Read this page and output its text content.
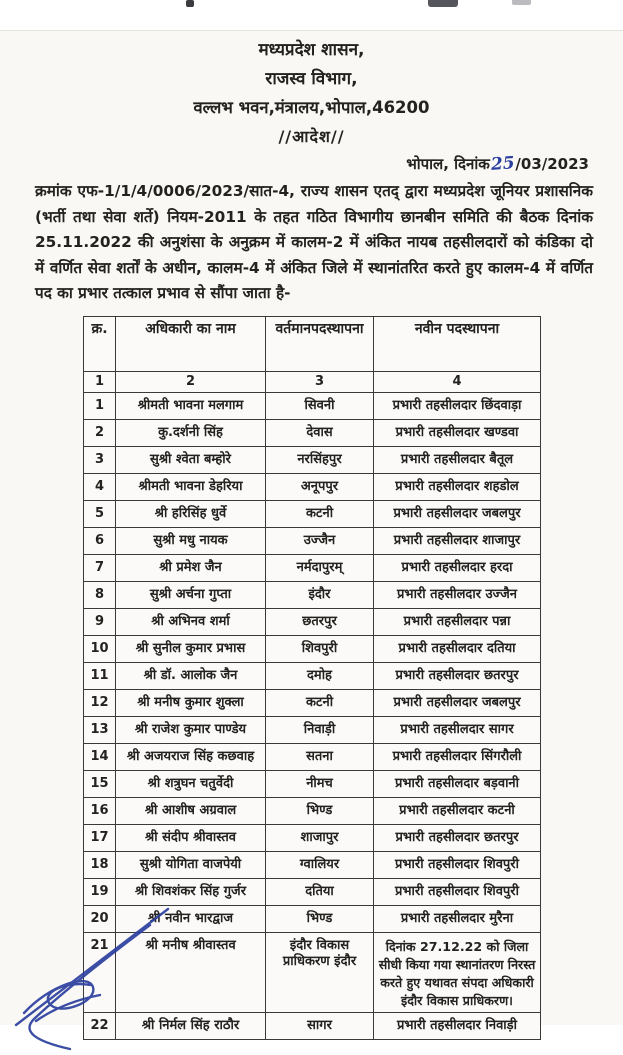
मध्यप्रदेश शासन,
राजस्व विभाग,
वल्लभ भवन,मंत्रालय,भोपाल,46200
//आदेश//
भोपाल, दिनांक25/03/2023

क्रमांक एफ-1/1/4/0006/2023/सात-4, राज्य शासन एतद् द्वारा मध्यप्रदेश जूनियर प्रशासनिक (भर्ती तथा सेवा शर्ते) नियम-2011 के तहत गठित विभागीय छानबीन समिति की बैठक दिनांक 25.11.2022 की अनुशंसा के अनुक्रम में कालम-2 में अंकित नायब तहसीलदारों को कंडिका दो में वर्णित सेवा शर्तों के अधीन, कालम-4 में अंकित जिले में स्थानांतरित करते हुए कालम-4 में वर्णित पद का प्रभार तत्काल प्रभाव से सौंपा जाता है-

क्र.	अधिकारी का नाम	वर्तमानपदस्थापना	नवीन पदस्थापना
1	2	3	4
1	श्रीमती भावना मलगाम	सिवनी	प्रभारी तहसीलदार छिंदवाड़ा
2	कु.दर्शनी सिंह	देवास	प्रभारी तहसीलदार खण्डवा
3	सुश्री श्वेता बम्होरे	नरसिंहपुर	प्रभारी तहसीलदार बैतूल
4	श्रीमती भावना डेहरिया	अनूपपुर	प्रभारी तहसीलदार शहडोल
5	श्री हरिसिंह धुर्वे	कटनी	प्रभारी तहसीलदार जबलपुर
6	सुश्री मधु नायक	उज्जैन	प्रभारी तहसीलदार शाजापुर
7	श्री प्रमेश जैन	नर्मदापुरम्	प्रभारी तहसीलदार हरदा
8	सुश्री अर्चना गुप्ता	इंदौर	प्रभारी तहसीलदार उज्जैन
9	श्री अभिनव शर्मा	छतरपुर	प्रभारी तहसीलदार पन्ना
10	श्री सुनील कुमार प्रभास	शिवपुरी	प्रभारी तहसीलदार दतिया
11	श्री डॉ. आलोक जैन	दमोह	प्रभारी तहसीलदार छतरपुर
12	श्री मनीष कुमार शुक्ला	कटनी	प्रभारी तहसीलदार जबलपुर
13	श्री राजेश कुमार पाण्डेय	निवाड़ी	प्रभारी तहसीलदार सागर
14	श्री अजयराज सिंह कछवाह	सतना	प्रभारी तहसीलदार सिंगरौली
15	श्री शत्रुघन चतुर्वेदी	नीमच	प्रभारी तहसीलदार बड़वानी
16	श्री आशीष अग्रवाल	भिण्ड	प्रभारी तहसीलदार कटनी
17	श्री संदीप श्रीवास्तव	शाजापुर	प्रभारी तहसीलदार छतरपुर
18	सुश्री योगिता वाजपेयी	ग्वालियर	प्रभारी तहसीलदार शिवपुरी
19	श्री शिवशंकर सिंह गुर्जर	दतिया	प्रभारी तहसीलदार शिवपुरी
20	श्री नवीन भारद्वाज	भिण्ड	प्रभारी तहसीलदार मुरैना
21	श्री मनीष श्रीवास्तव	इंदौर विकास प्राधिकरण इंदौर	दिनांक 27.12.22 को जिला सीधी किया गया स्थानांतरण निरस्त करते हुए यथावत संपदा अधिकारी इंदौर विकास प्राधिकरण।
22	श्री निर्मल सिंह राठौर	सागर	प्रभारी तहसीलदार निवाड़ी
